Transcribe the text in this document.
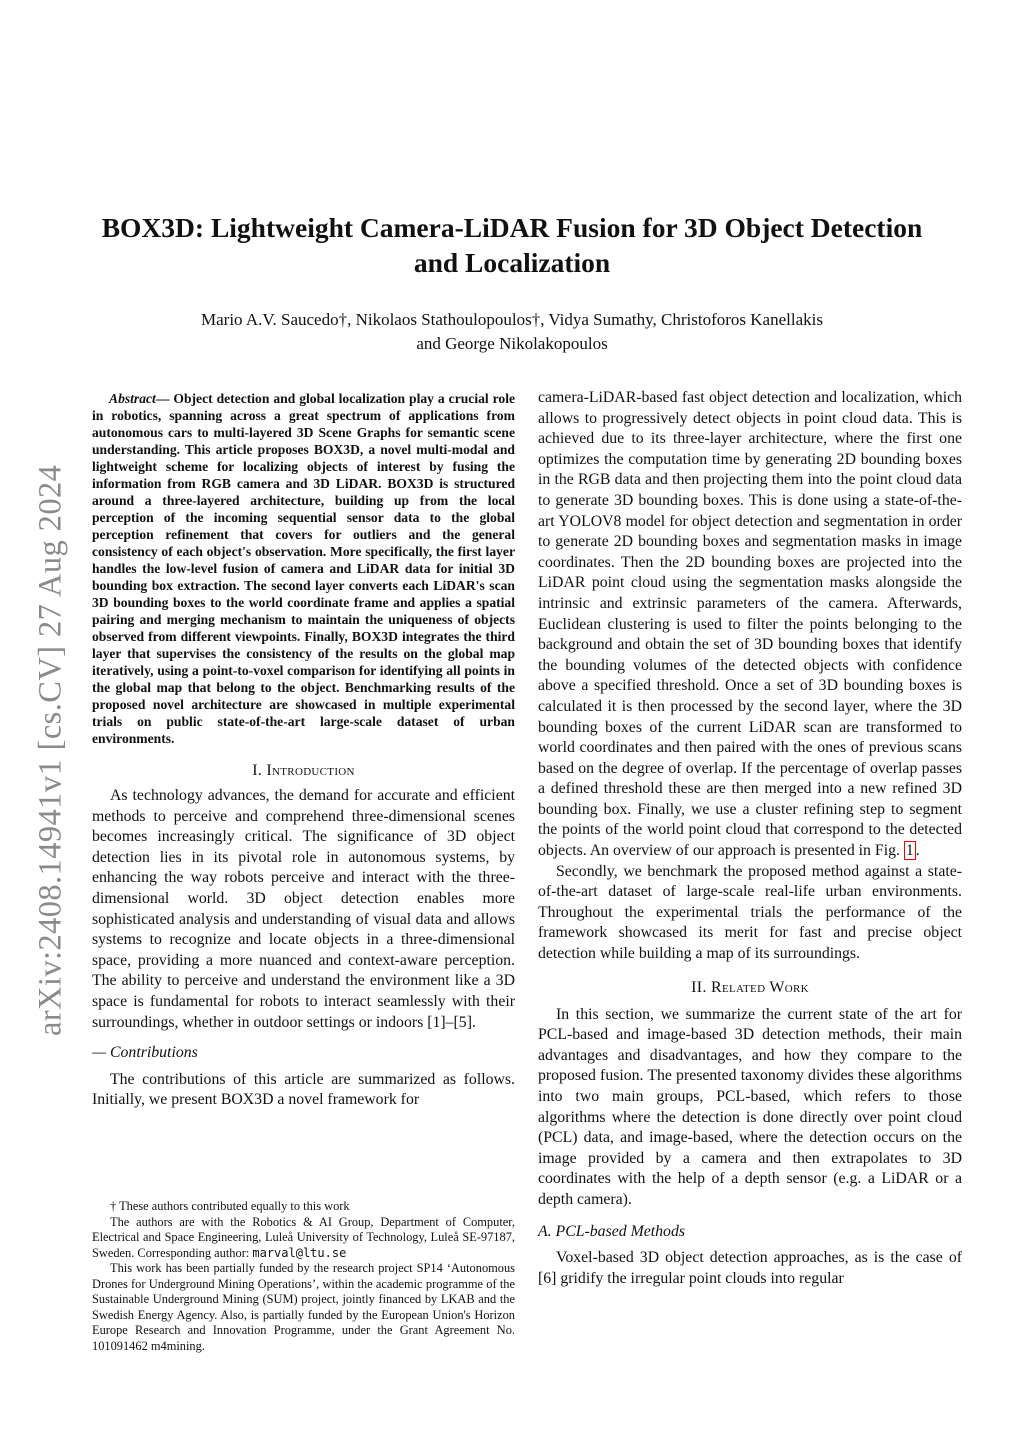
arXiv:2408.14941v1 [cs.CV] 27 Aug 2024
BOX3D: Lightweight Camera-LiDAR Fusion for 3D Object Detection
and Localization
Mario A.V. Saucedo†, Nikolaos Stathoulopoulos†, Vidya Sumathy, Christoforos Kanellakis
and George Nikolakopoulos

Abstract— Object detection and global localization play a crucial role in robotics, spanning across a great spectrum of applications from autonomous cars to multi-layered 3D Scene Graphs for semantic scene understanding. This article proposes BOX3D, a novel multi-modal and lightweight scheme for localizing objects of interest by fusing the information from RGB camera and 3D LiDAR. BOX3D is structured around a three-layered architecture, building up from the local perception of the incoming sequential sensor data to the global perception refinement that covers for outliers and the general consistency of each object's observation. More specifically, the first layer handles the low-level fusion of camera and LiDAR data for initial 3D bounding box extraction. The second layer converts each LiDAR's scan 3D bounding boxes to the world coordinate frame and applies a spatial pairing and merging mechanism to maintain the uniqueness of objects observed from different viewpoints. Finally, BOX3D integrates the third layer that supervises the consistency of the results on the global map iteratively, using a point-to-voxel comparison for identifying all points in the global map that belong to the object. Benchmarking results of the proposed novel architecture are showcased in multiple experimental trials on public state-of-the-art large-scale dataset of urban environments.

I. Introduction

As technology advances, the demand for accurate and efficient methods to perceive and comprehend three-dimensional scenes becomes increasingly critical. The significance of 3D object detection lies in its pivotal role in autonomous systems, by enhancing the way robots perceive and interact with the three-dimensional world. 3D object detection enables more sophisticated analysis and understanding of visual data and allows systems to recognize and locate objects in a three-dimensional space, providing a more nuanced and context-aware perception. The ability to perceive and understand the environment like a 3D space is fundamental for robots to interact seamlessly with their surroundings, whether in outdoor settings or indoors [1]–[5].

— Contributions

The contributions of this article are summarized as follows. Initially, we present BOX3D a novel framework for

† These authors contributed equally to this work

The authors are with the Robotics & AI Group, Department of Computer, Electrical and Space Engineering, Luleå University of Technology, Luleå SE-97187, Sweden. Corresponding author: marval@ltu.se

This work has been partially funded by the research project SP14 ‘Autonomous Drones for Underground Mining Operations’, within the academic programme of the Sustainable Underground Mining (SUM) project, jointly financed by LKAB and the Swedish Energy Agency. Also, is partially funded by the European Union's Horizon Europe Research and Innovation Programme, under the Grant Agreement No. 101091462 m4mining.

camera-LiDAR-based fast object detection and localization, which allows to progressively detect objects in point cloud data. This is achieved due to its three-layer architecture, where the first one optimizes the computation time by generating 2D bounding boxes in the RGB data and then projecting them into the point cloud data to generate 3D bounding boxes. This is done using a state-of-the-art YOLOV8 model for object detection and segmentation in order to generate 2D bounding boxes and segmentation masks in image coordinates. Then the 2D bounding boxes are projected into the LiDAR point cloud using the segmentation masks alongside the intrinsic and extrinsic parameters of the camera. Afterwards, Euclidean clustering is used to filter the points belonging to the background and obtain the set of 3D bounding boxes that identify the bounding volumes of the detected objects with confidence above a specified threshold. Once a set of 3D bounding boxes is calculated it is then processed by the second layer, where the 3D bounding boxes of the current LiDAR scan are transformed to world coordinates and then paired with the ones of previous scans based on the degree of overlap. If the percentage of overlap passes a defined threshold these are then merged into a new refined 3D bounding box. Finally, we use a cluster refining step to segment the points of the world point cloud that correspond to the detected objects. An overview of our approach is presented in Fig. 1 .

Secondly, we benchmark the proposed method against a state-of-the-art dataset of large-scale real-life urban environments. Throughout the experimental trials the performance of the framework showcased its merit for fast and precise object detection while building a map of its surroundings.

II. Related Work

In this section, we summarize the current state of the art for PCL-based and image-based 3D detection methods, their main advantages and disadvantages, and how they compare to the proposed fusion. The presented taxonomy divides these algorithms into two main groups, PCL-based, which refers to those algorithms where the detection is done directly over point cloud (PCL) data, and image-based, where the detection occurs on the image provided by a camera and then extrapolates to 3D coordinates with the help of a depth sensor (e.g. a LiDAR or a depth camera).

A. PCL-based Methods

Voxel-based 3D object detection approaches, as is the case of [6] gridify the irregular point clouds into regular
